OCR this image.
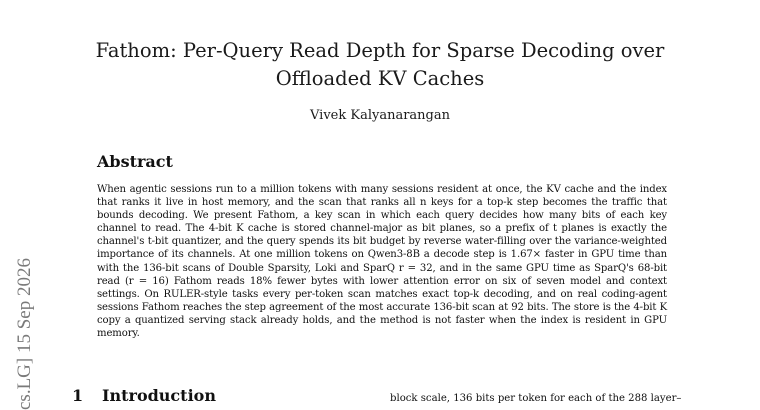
Fathom: Per-Query Read Depth for Sparse Decoding over Offloaded KV Caches
Vivek Kalyanarangan
Abstract

When agentic sessions run to a million tokens with many sessions resident at once, the KV cache and the index that ranks it live in host memory, and the scan that ranks all n keys for a top-k step becomes the traffic that bounds decoding. We present Fathom, a key scan in which each query decides how many bits of each key channel to read. The 4-bit K cache is stored channel-major as bit planes, so a prefix of t planes is exactly the channel's t-bit quantizer, and the query spends its bit budget by reverse water-filling over the variance-weighted importance of its channels. At one million tokens on Qwen3-8B a decode step is 1.67× faster in GPU time than with the 136-bit scans of Double Sparsity, Loki and SparQ r = 32, and in the same GPU time as SparQ's 68-bit read (r = 16) Fathom reads 18% fewer bytes with lower attention error on six of seven model and context settings. On RULER-style tasks every per-token scan matches exact top-k decoding, and on real coding-agent sessions Fathom reaches the step agreement of the most accurate 136-bit scan at 92 bits. The store is the 4-bit K copy a quantized serving stack already holds, and the method is not faster when the index is resident in GPU memory.

cs.LG] 15 Sep 2026 1 Introduction	block scale, 136 bits per token for each of the 288 layer–
